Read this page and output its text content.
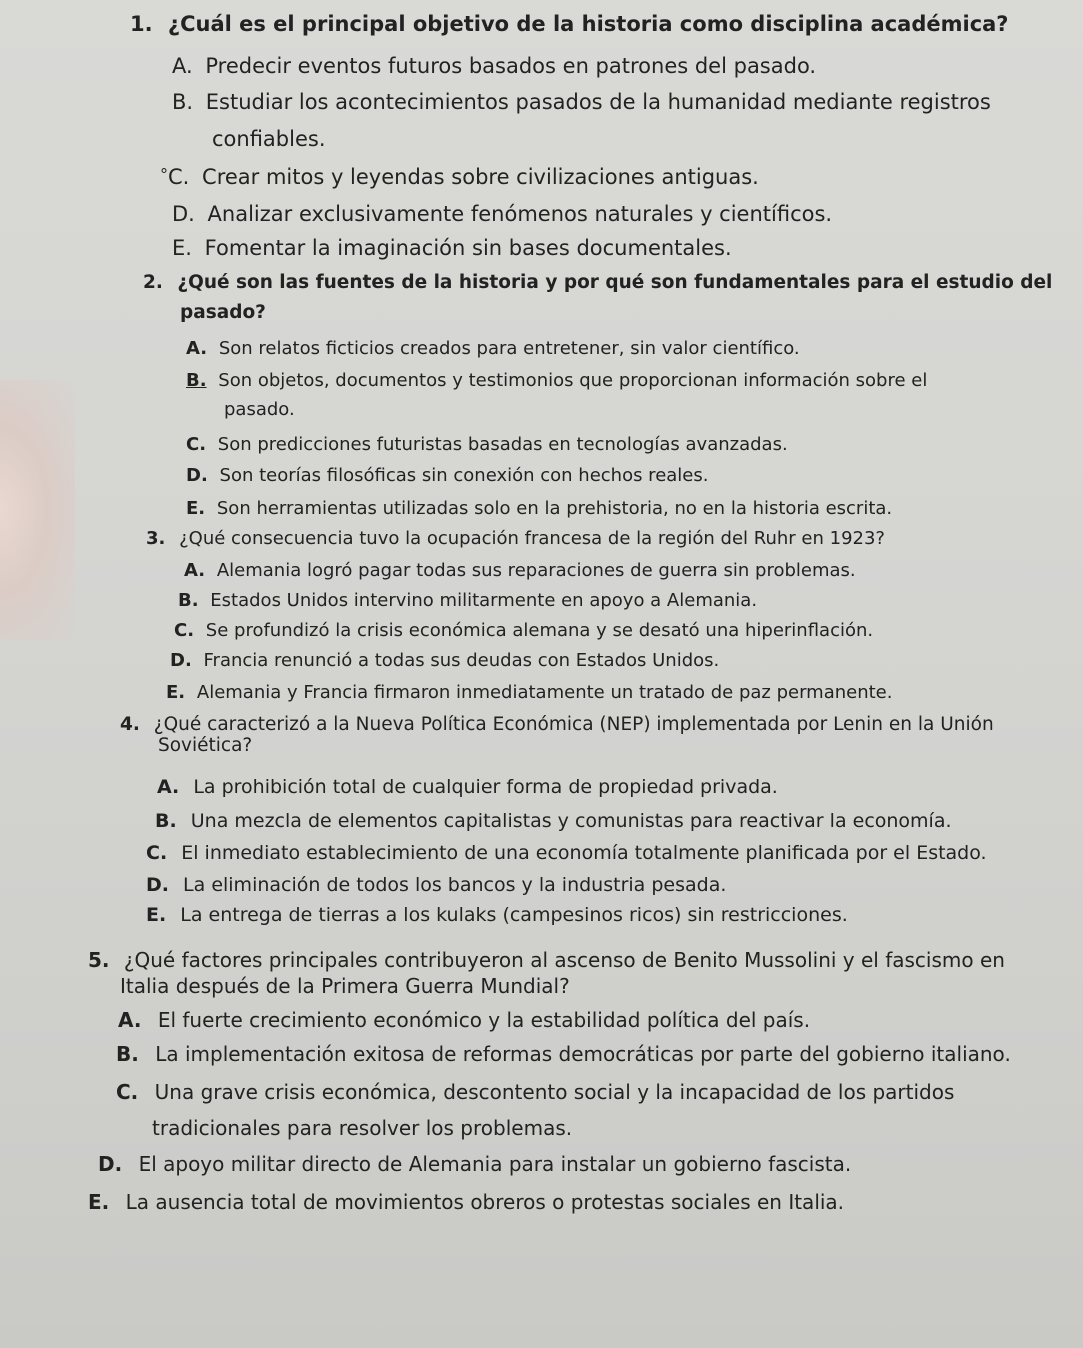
1. ¿Cuál es el principal objetivo de la historia como disciplina académica?

A. Predecir eventos futuros basados en patrones del pasado.

B. Estudiar los acontecimientos pasados de la humanidad mediante registros

confiables.

°C. Crear mitos y leyendas sobre civilizaciones antiguas.

D. Analizar exclusivamente fenómenos naturales y científicos.

E. Fomentar la imaginación sin bases documentales.

2. ¿Qué son las fuentes de la historia y por qué son fundamentales para el estudio del

pasado?

A. Son relatos ficticios creados para entretener, sin valor científico.

B. Son objetos, documentos y testimonios que proporcionan información sobre el

pasado.

C. Son predicciones futuristas basadas en tecnologías avanzadas.

D. Son teorías filosóficas sin conexión con hechos reales.

E. Son herramientas utilizadas solo en la prehistoria, no en la historia escrita.

3. ¿Qué consecuencia tuvo la ocupación francesa de la región del Ruhr en 1923?

A. Alemania logró pagar todas sus reparaciones de guerra sin problemas.

B. Estados Unidos intervino militarmente en apoyo a Alemania.

C. Se profundizó la crisis económica alemana y se desató una hiperinflación.

D. Francia renunció a todas sus deudas con Estados Unidos.

E. Alemania y Francia firmaron inmediatamente un tratado de paz permanente.

4. ¿Qué caracterizó a la Nueva Política Económica (NEP) implementada por Lenin en la Unión

Soviética?

A. La prohibición total de cualquier forma de propiedad privada.

B. Una mezcla de elementos capitalistas y comunistas para reactivar la economía.

C. El inmediato establecimiento de una economía totalmente planificada por el Estado.

D. La eliminación de todos los bancos y la industria pesada.

E. La entrega de tierras a los kulaks (campesinos ricos) sin restricciones.

5. ¿Qué factores principales contribuyeron al ascenso de Benito Mussolini y el fascismo en

Italia después de la Primera Guerra Mundial?

A. El fuerte crecimiento económico y la estabilidad política del país.

B. La implementación exitosa de reformas democráticas por parte del gobierno italiano.

C. Una grave crisis económica, descontento social y la incapacidad de los partidos

tradicionales para resolver los problemas.

D. El apoyo militar directo de Alemania para instalar un gobierno fascista.

E. La ausencia total de movimientos obreros o protestas sociales en Italia.
